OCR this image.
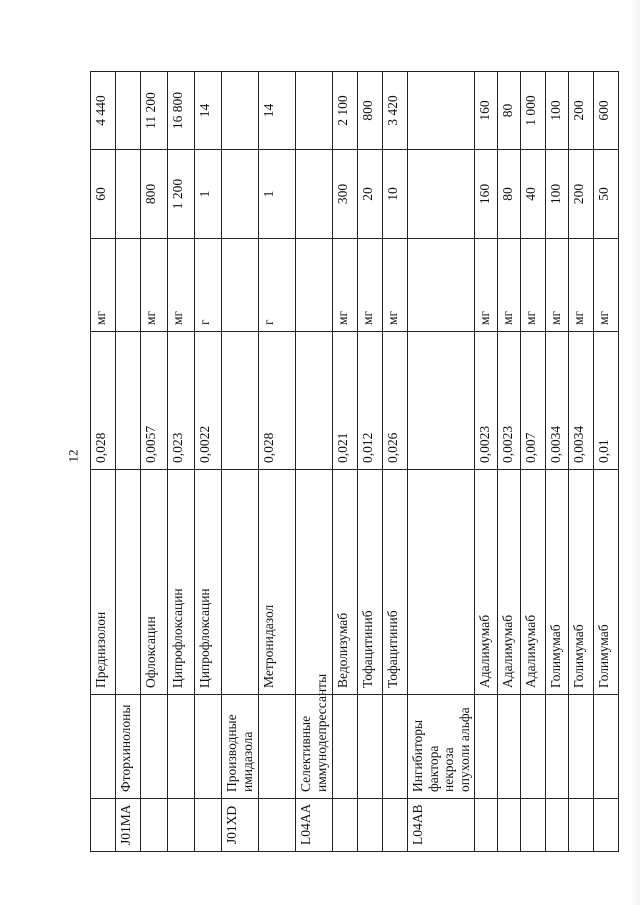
12
		Преднизолон	0,028	мг	60	4 440
J01MA	Фторхинолоны					
		Офлоксацин	0,0057	мг	800	11 200
		Ципрофлоксацин	0,023	мг	1 200	16 800
		Ципрофлоксацин	0,0022	г	1	14
J01XD	Производные имидазола					
		Метронидазол	0,028	г	1	14
L04AA	Селективные иммунодепрессанты					
		Ведолизумаб	0,021	мг	300	2 100
		Тофацитиниб	0,012	мг	20	800
		Тофацитиниб	0,026	мг	10	3 420
L04AB	Ингибиторы фактора некроза опухоли альфа					
		Адалимумаб	0,0023	мг	160	160
		Адалимумаб	0,0023	мг	80	80
		Адалимумаб	0,007	мг	40	1 000
		Голимумаб	0,0034	мг	100	100
		Голимумаб	0,0034	мг	200	200
		Голимумаб	0,01	мг	50	600
